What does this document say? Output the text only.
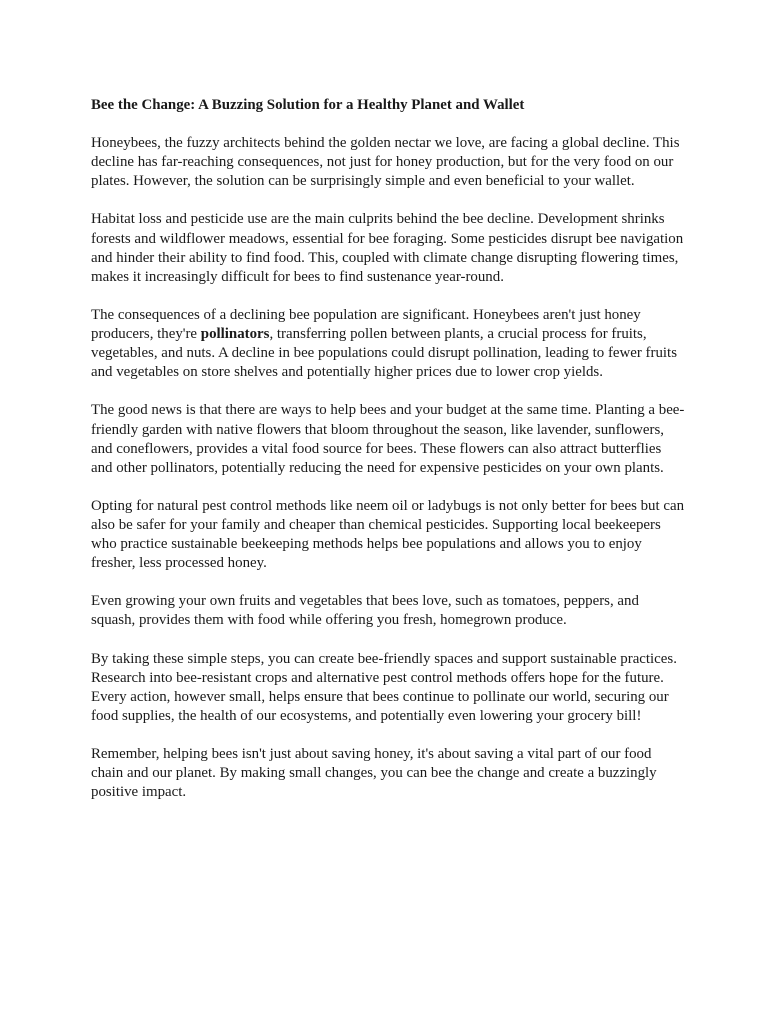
Bee the Change: A Buzzing Solution for a Healthy Planet and Wallet

Honeybees, the fuzzy architects behind the golden nectar we love, are facing a global decline. This decline has far-reaching consequences, not just for honey production, but for the very food on our plates. However, the solution can be surprisingly simple and even beneficial to your wallet.

Habitat loss and pesticide use are the main culprits behind the bee decline. Development shrinks forests and wildflower meadows, essential for bee foraging. Some pesticides disrupt bee navigation and hinder their ability to find food. This, coupled with climate change disrupting flowering times, makes it increasingly difficult for bees to find sustenance year-round.

The consequences of a declining bee population are significant. Honeybees aren't just honey producers, they're pollinators, transferring pollen between plants, a crucial process for fruits, vegetables, and nuts. A decline in bee populations could disrupt pollination, leading to fewer fruits and vegetables on store shelves and potentially higher prices due to lower crop yields.

The good news is that there are ways to help bees and your budget at the same time. Planting a bee-friendly garden with native flowers that bloom throughout the season, like lavender, sunflowers, and coneflowers, provides a vital food source for bees. These flowers can also attract butterflies and other pollinators, potentially reducing the need for expensive pesticides on your own plants.

Opting for natural pest control methods like neem oil or ladybugs is not only better for bees but can also be safer for your family and cheaper than chemical pesticides. Supporting local beekeepers who practice sustainable beekeeping methods helps bee populations and allows you to enjoy fresher, less processed honey.

Even growing your own fruits and vegetables that bees love, such as tomatoes, peppers, and squash, provides them with food while offering you fresh, homegrown produce.

By taking these simple steps, you can create bee-friendly spaces and support sustainable practices. Research into bee-resistant crops and alternative pest control methods offers hope for the future. Every action, however small, helps ensure that bees continue to pollinate our world, securing our food supplies, the health of our ecosystems, and potentially even lowering your grocery bill!

Remember, helping bees isn't just about saving honey, it's about saving a vital part of our food chain and our planet. By making small changes, you can bee the change and create a buzzingly positive impact.
